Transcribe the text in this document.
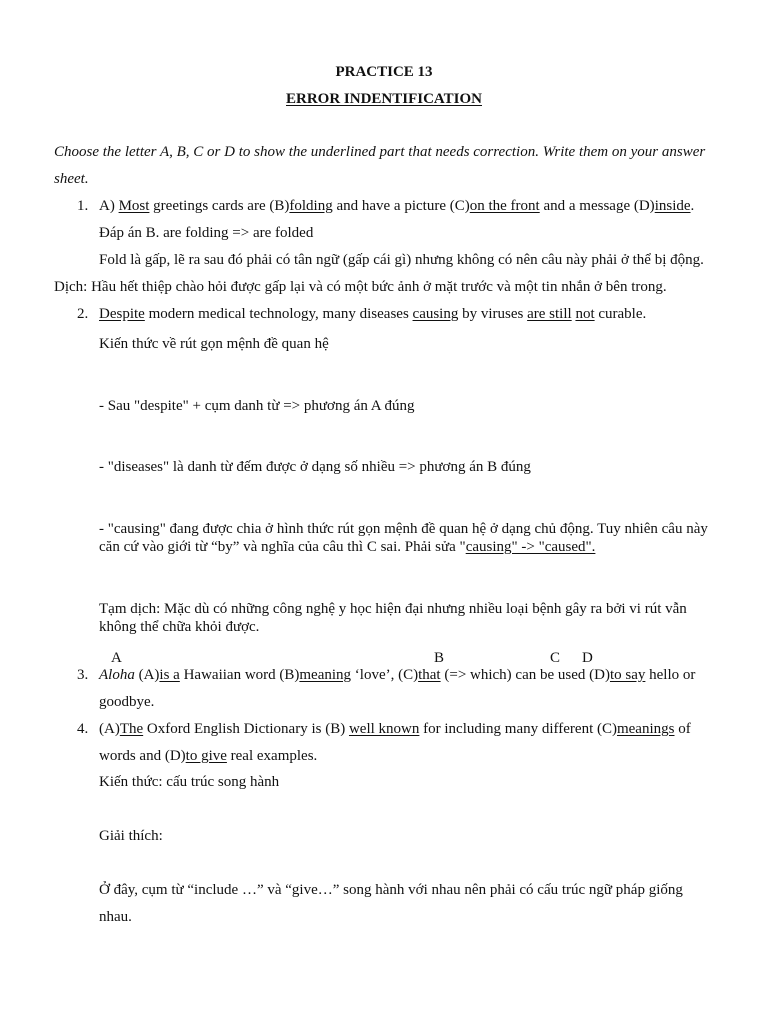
PRACTICE 13
ERROR INDENTIFICATION
Choose the letter A, B, C or D to show the underlined part that needs correction. Write them on your answer
sheet.
1. A) Most greetings cards are (B)folding and have a picture (C)on the front and a message (D)inside.
Đáp án B. are folding => are folded
Fold là gấp, lẽ ra sau đó phải có tân ngữ (gấp cái gì) nhưng không có nên câu này phải ở thể bị động.
Dịch: Hầu hết thiệp chào hỏi được gấp lại và có một bức ảnh ở mặt trước và một tin nhắn ở bên trong.
2. Despite modern medical technology, many diseases causing by viruses are still not curable.
Kiến thức về rút gọn mệnh đề quan hệ
- Sau "despite" + cụm danh từ => phương án A đúng
- "diseases" là danh từ đếm được ở dạng số nhiều => phương án B đúng
- "causing" đang được chia ở hình thức rút gọn mệnh đề quan hệ ở dạng chủ động. Tuy nhiên câu này
căn cứ vào giới từ “by” và nghĩa của câu thì C sai. Phải sửa "causing" -> "caused".
Tạm dịch: Mặc dù có những công nghệ y học hiện đại nhưng nhiều loại bệnh gây ra bởi vi rút vẫn
không thể chữa khỏi được.
A	B	C D
3. Aloha (A)is a Hawaiian word (B)meaning ‘love’, (C)that (=> which) can be used (D)to say hello or
goodbye.
4. (A)The Oxford English Dictionary is (B) well known for including many different (C)meanings of
words and (D)to give real examples.
Kiến thức: cấu trúc song hành
Giải thích:
Ở đây, cụm từ “include …” và “give…” song hành với nhau nên phải có cấu trúc ngữ pháp giống
nhau.
